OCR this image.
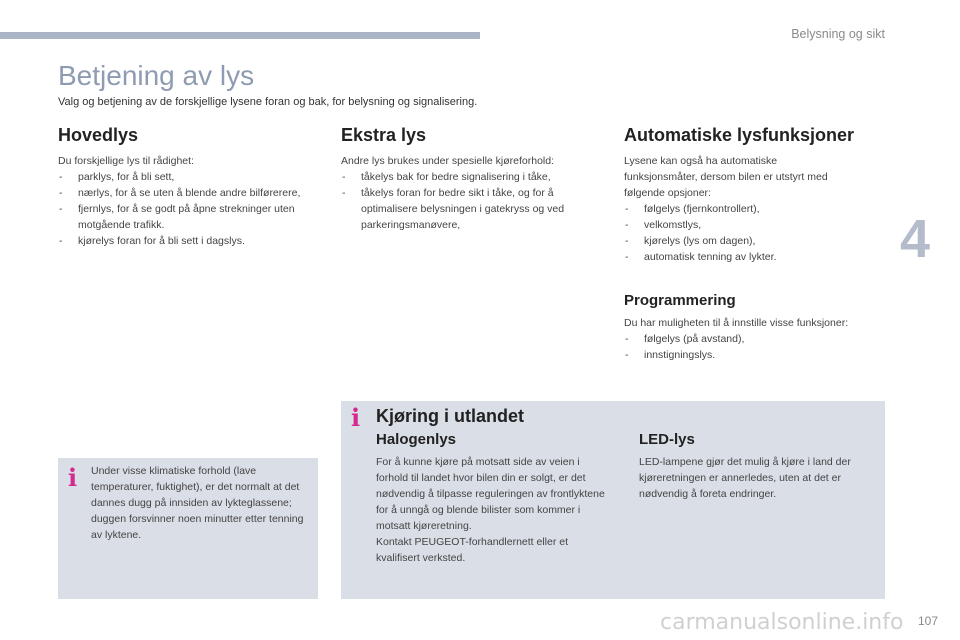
Belysning og sikt
4
Betjening av lys
Valg og betjening av de forskjellige lysene foran og bak, for belysning og signalisering.
Hovedlys

Du forskjellige lys til rådighet:

- parklys, for å bli sett,
- nærlys, for å se uten å blende andre bilførerere,
- fjernlys, for å se godt på åpne strekninger uten motgående trafikk.
- kjørelys foran for å bli sett i dagslys.
Ekstra lys

Andre lys brukes under spesielle kjøreforhold:

- tåkelys bak for bedre signalisering i tåke,
- tåkelys foran for bedre sikt i tåke, og for å optimalisere belysningen i gatekryss og ved parkeringsmanøvere,
Automatiske lysfunksjoner

Lysene kan også ha automatiske funksjonsmåter, dersom bilen er utstyrt med følgende opsjoner:

- følgelys (fjernkontrollert),
- velkomstlys,
- kjørelys (lys om dagen),
- automatisk tenning av lykter.
Programmering

Du har muligheten til å innstille visse funksjoner:

- følgelys (på avstand),
- innstigningslys.
i Under visse klimatiske forhold (lave temperaturer, fuktighet), er det normalt at det dannes dugg på innsiden av lykteglassene; duggen forsvinner noen minutter etter tenning av lyktene.
i Kjøring i utlandet
Halogenlys

For å kunne kjøre på motsatt side av veien i forhold til landet hvor bilen din er solgt, er det nødvendig å tilpasse reguleringen av frontlyktene for å unngå og blende bilister som kommer i motsatt kjøreretning.

Kontakt PEUGEOT-forhandlernett eller et kvalifisert verksted.

LED-lys

LED-lampene gjør det mulig å kjøre i land der kjøreretningen er annerledes, uten at det er nødvendig å foreta endringer.

carmanualsonline.info 107
